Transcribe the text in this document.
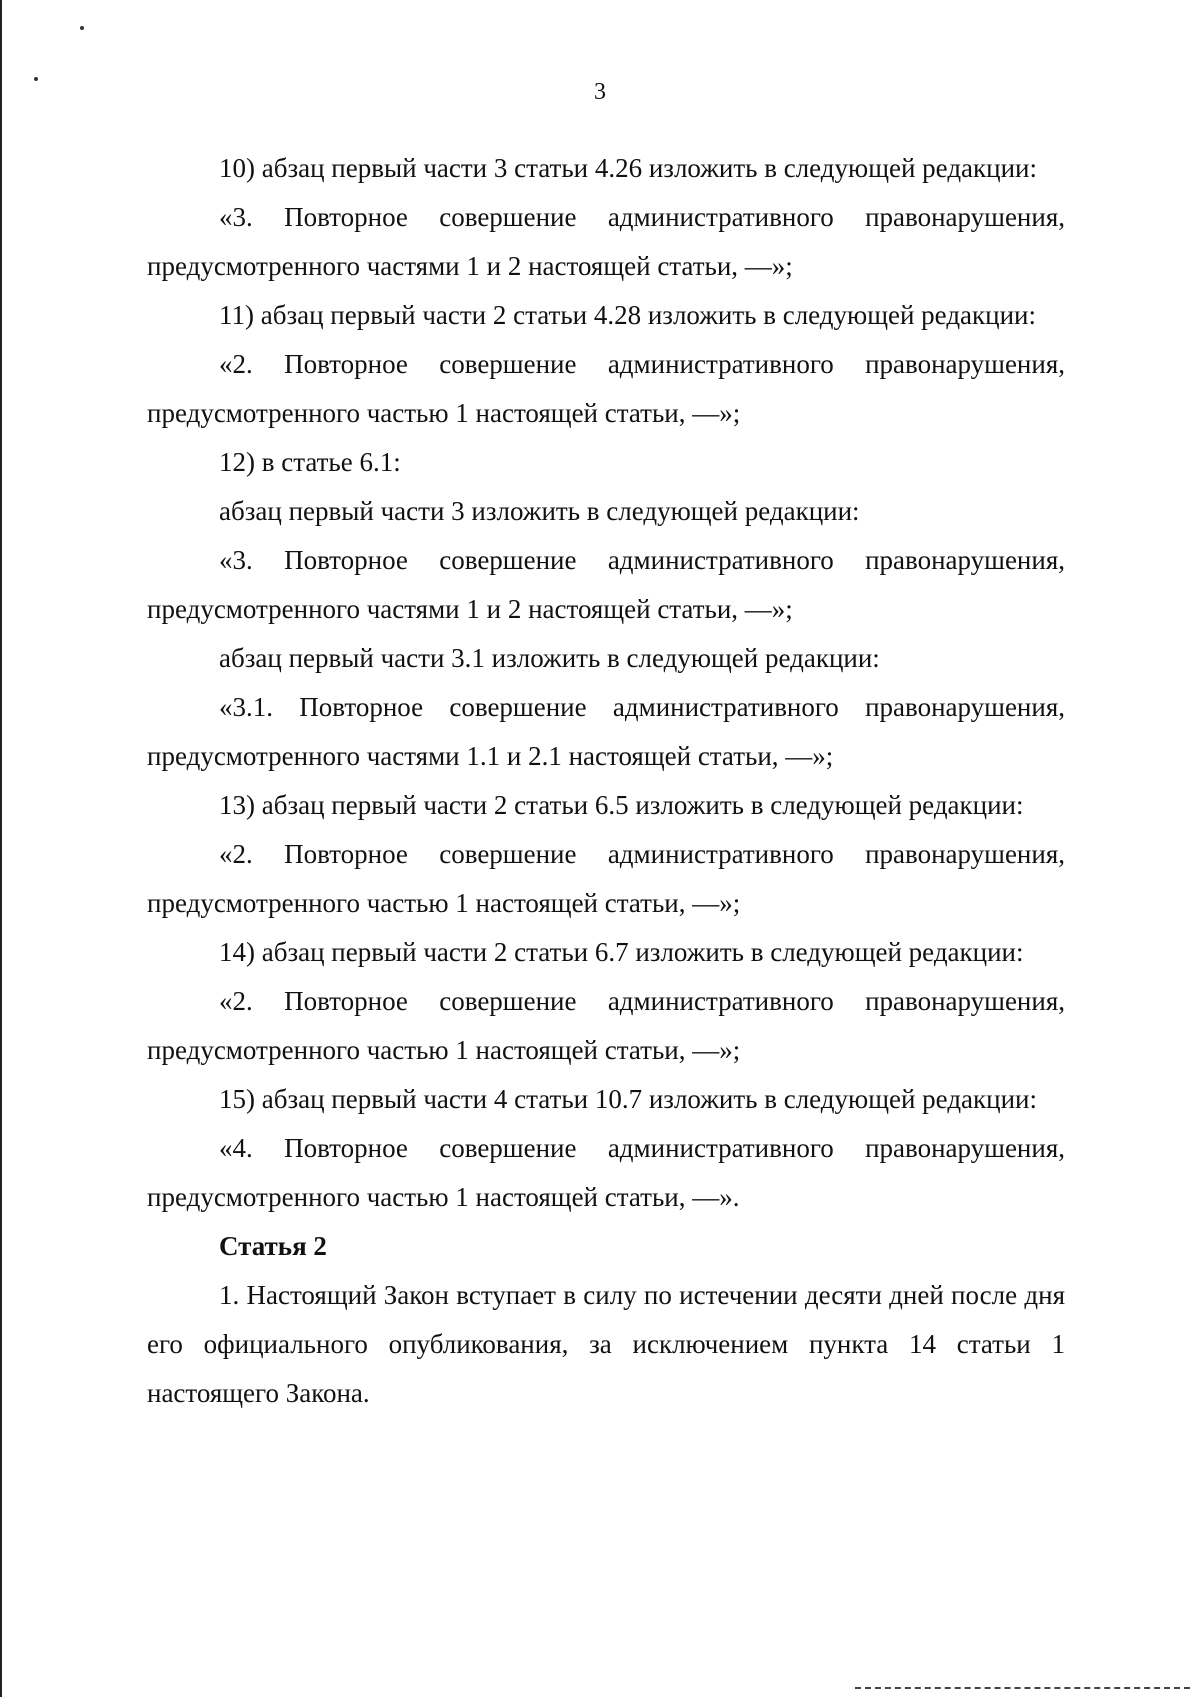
3

10) абзац первый части 3 статьи 4.26 изложить в следующей редакции:

«3. Повторное совершение административного правонарушения, предусмотренного частями 1 и 2 настоящей статьи, —»;

11) абзац первый части 2 статьи 4.28 изложить в следующей редакции:

«2. Повторное совершение административного правонарушения, предусмотренного частью 1 настоящей статьи, —»;

12) в статье 6.1:

абзац первый части 3 изложить в следующей редакции:

«3. Повторное совершение административного правонарушения, предусмотренного частями 1 и 2 настоящей статьи, —»;

абзац первый части 3.1 изложить в следующей редакции:

«3.1. Повторное совершение административного правонарушения, предусмотренного частями 1.1 и 2.1 настоящей статьи, —»;

13) абзац первый части 2 статьи 6.5 изложить в следующей редакции:

«2. Повторное совершение административного правонарушения, предусмотренного частью 1 настоящей статьи, —»;

14) абзац первый части 2 статьи 6.7 изложить в следующей редакции:

«2. Повторное совершение административного правонарушения, предусмотренного частью 1 настоящей статьи, —»;

15) абзац первый части 4 статьи 10.7 изложить в следующей редакции:

«4. Повторное совершение административного правонарушения, предусмотренного частью 1 настоящей статьи, —».

Статья 2

1. Настоящий Закон вступает в силу по истечении десяти дней после дня его официального опубликования, за исключением пункта 14 статьи 1 настоящего Закона.
